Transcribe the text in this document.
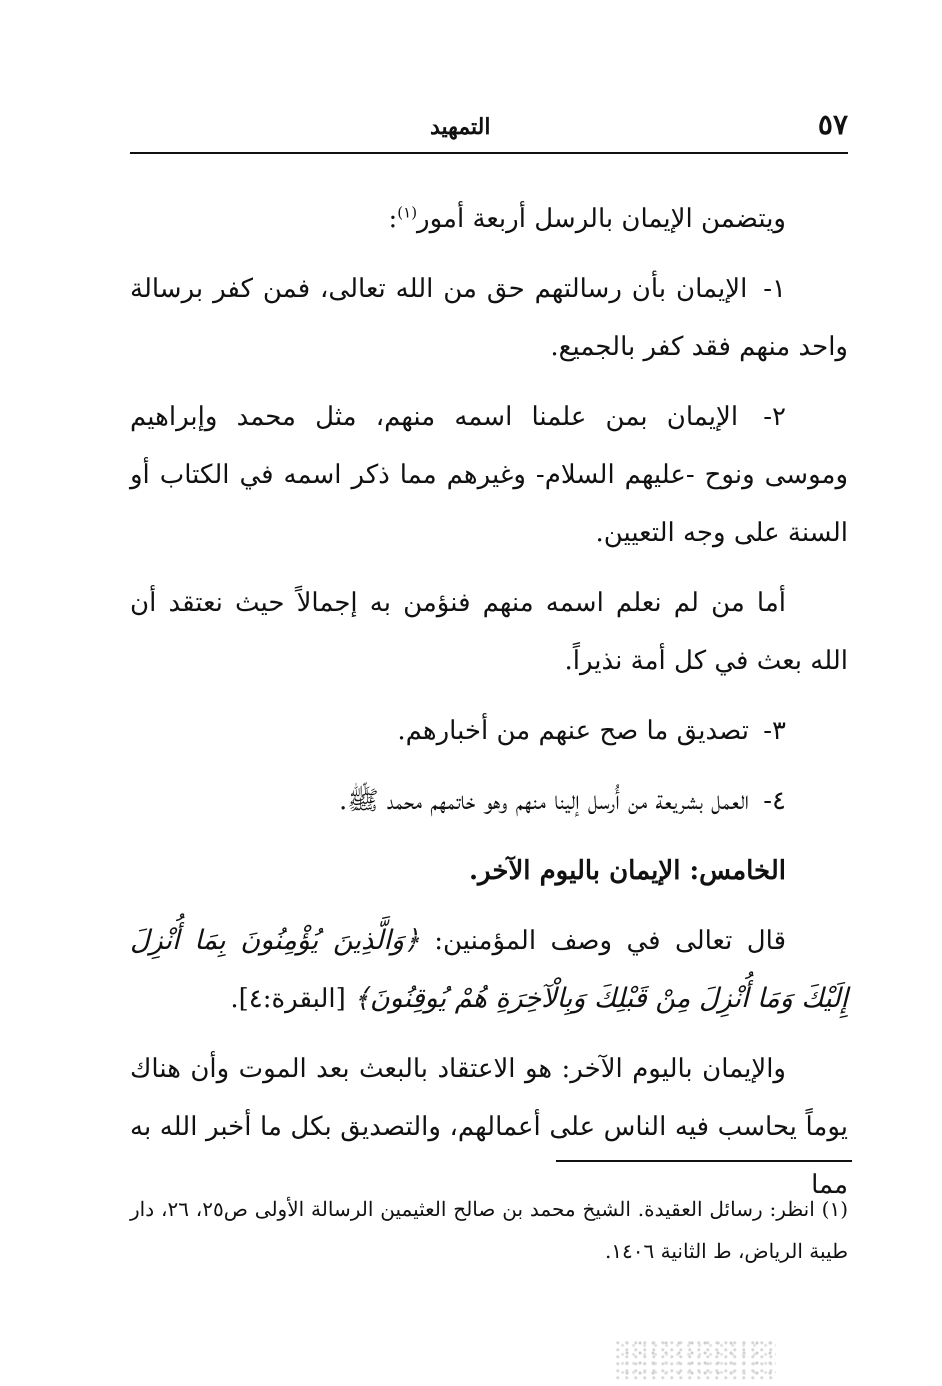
٥٧
التمهيد

ويتضمن الإيمان بالرسل أربعة أمور$^{(١)}$:

١- الإيمان بأن رسالتهم حق من الله تعالى، فمن كفر برسالة واحد منهم فقد كفر بالجميع.

٢- الإيمان بمن علمنا اسمه منهم، مثل محمد وإبراهيم وموسى ونوح -عليهم السلام- وغيرهم مما ذكر اسمه في الكتاب أو السنة على وجه التعيين.

أما من لم نعلم اسمه منهم فنؤمن به إجمالاً حيث نعتقد أن الله بعث في كل أمة نذيراً.

٣- تصديق ما صح عنهم من أخبارهم.

٤- العمل بشريعة من أُرسل إلينا منهم وهو خاتمهم محمد ﷺ.

الخامس: الإيمان باليوم الآخر.

قال تعالى في وصف المؤمنين: ﴿وَالَّذِينَ يُؤْمِنُونَ بِمَا أُنْزِلَ إِلَيْكَ وَمَا أُنْزِلَ مِنْ قَبْلِكَ وَبِالْآخِرَةِ هُمْ يُوقِنُونَ﴾ [البقرة:٤].

والإيمان باليوم الآخر: هو الاعتقاد بالبعث بعد الموت وأن هناك يوماً يحاسب فيه الناس على أعمالهم، والتصديق بكل ما أخبر الله به مما

(١) انظر: رسائل العقيدة. الشيخ محمد بن صالح العثيمين الرسالة الأولى ص٢٥، ٢٦، دار طيبة الرياض، ط الثانية ١٤٠٦.
